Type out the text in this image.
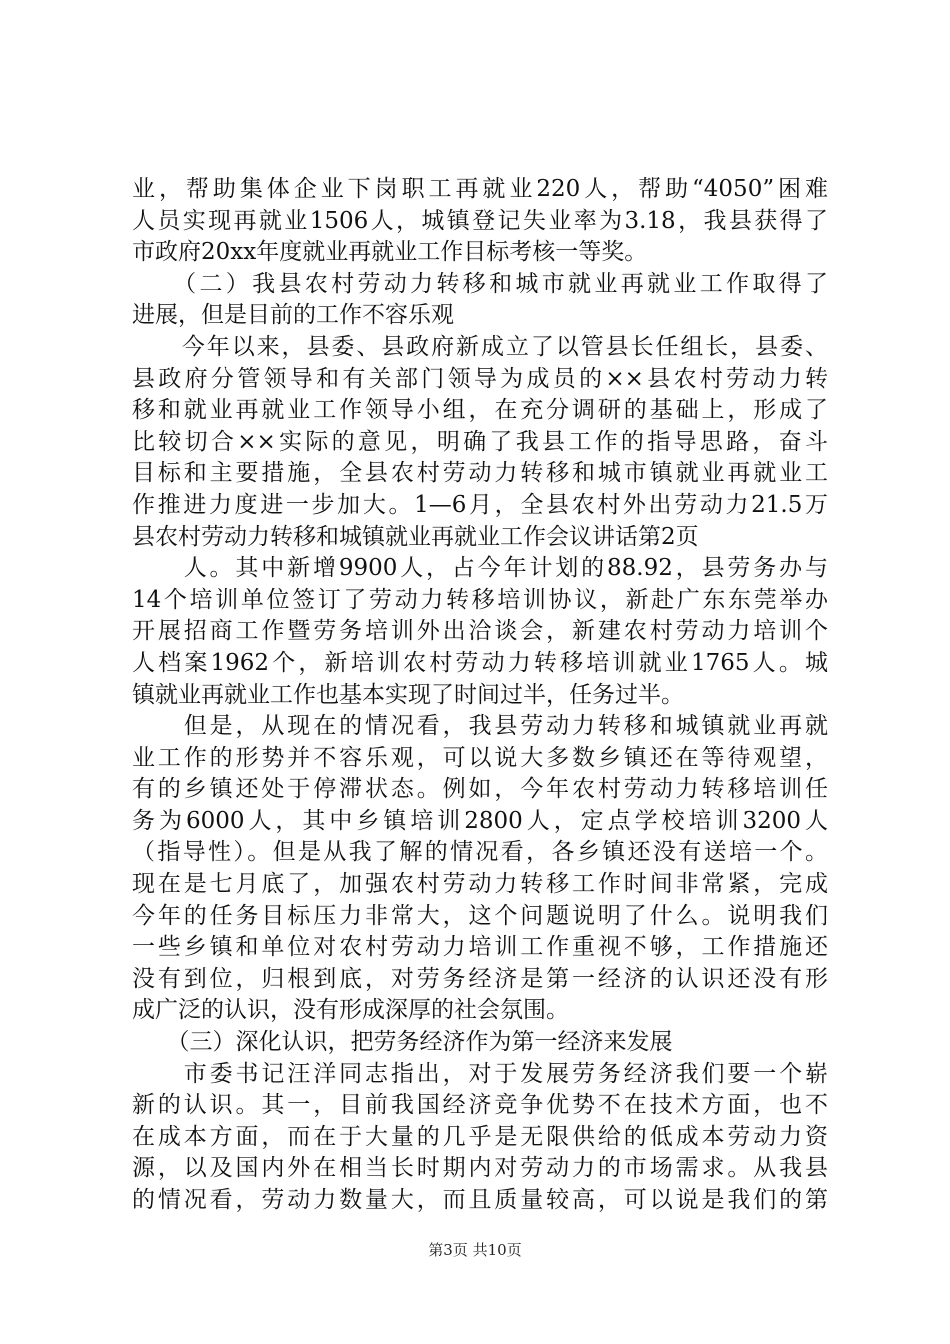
业，帮助集体企业下岗职工再就业220人，帮助“4050”困难
人员实现再就业1506人，城镇登记失业率为3.18，我县获得了
市政府20xx年度就业再就业工作目标考核一等奖。
　　（二）我县农村劳动力转移和城市就业再就业工作取得了
进展，但是目前的工作不容乐观
　　今年以来，县委、县政府新成立了以管县长任组长，县委、
县政府分管领导和有关部门领导为成员的××县农村劳动力转
移和就业再就业工作领导小组，在充分调研的基础上，形成了
比较切合××实际的意见，明确了我县工作的指导思路，奋斗
目标和主要措施，全县农村劳动力转移和城市镇就业再就业工
作推进力度进一步加大。1—6月，全县农村外出劳动力21.5万
县农村劳动力转移和城镇就业再就业工作会议讲话第2页
　　人。其中新增9900人，占今年计划的88.92，县劳务办与
14个培训单位签订了劳动力转移培训协议，新赴广东东莞举办
开展招商工作暨劳务培训外出洽谈会，新建农村劳动力培训个
人档案1962个，新培训农村劳动力转移培训就业1765人。城
镇就业再就业工作也基本实现了时间过半，任务过半。
　　但是，从现在的情况看，我县劳动力转移和城镇就业再就
业工作的形势并不容乐观，可以说大多数乡镇还在等待观望，
有的乡镇还处于停滞状态。例如，今年农村劳动力转移培训任
务为6000人，其中乡镇培训2800人，定点学校培训3200人
（指导性）。但是从我了解的情况看，各乡镇还没有送培一个。
现在是七月底了，加强农村劳动力转移工作时间非常紧，完成
今年的任务目标压力非常大，这个问题说明了什么。说明我们
一些乡镇和单位对农村劳动力培训工作重视不够，工作措施还
没有到位，归根到底，对劳务经济是第一经济的认识还没有形
成广泛的认识，没有形成深厚的社会氛围。
　　（三）深化认识，把劳务经济作为第一经济来发展
　　市委书记汪洋同志指出，对于发展劳务经济我们要一个崭
新的认识。其一，目前我国经济竞争优势不在技术方面，也不
在成本方面，而在于大量的几乎是无限供给的低成本劳动力资
源，以及国内外在相当长时期内对劳动力的市场需求。从我县
的情况看，劳动力数量大，而且质量较高，可以说是我们的第
第3页 共10页
